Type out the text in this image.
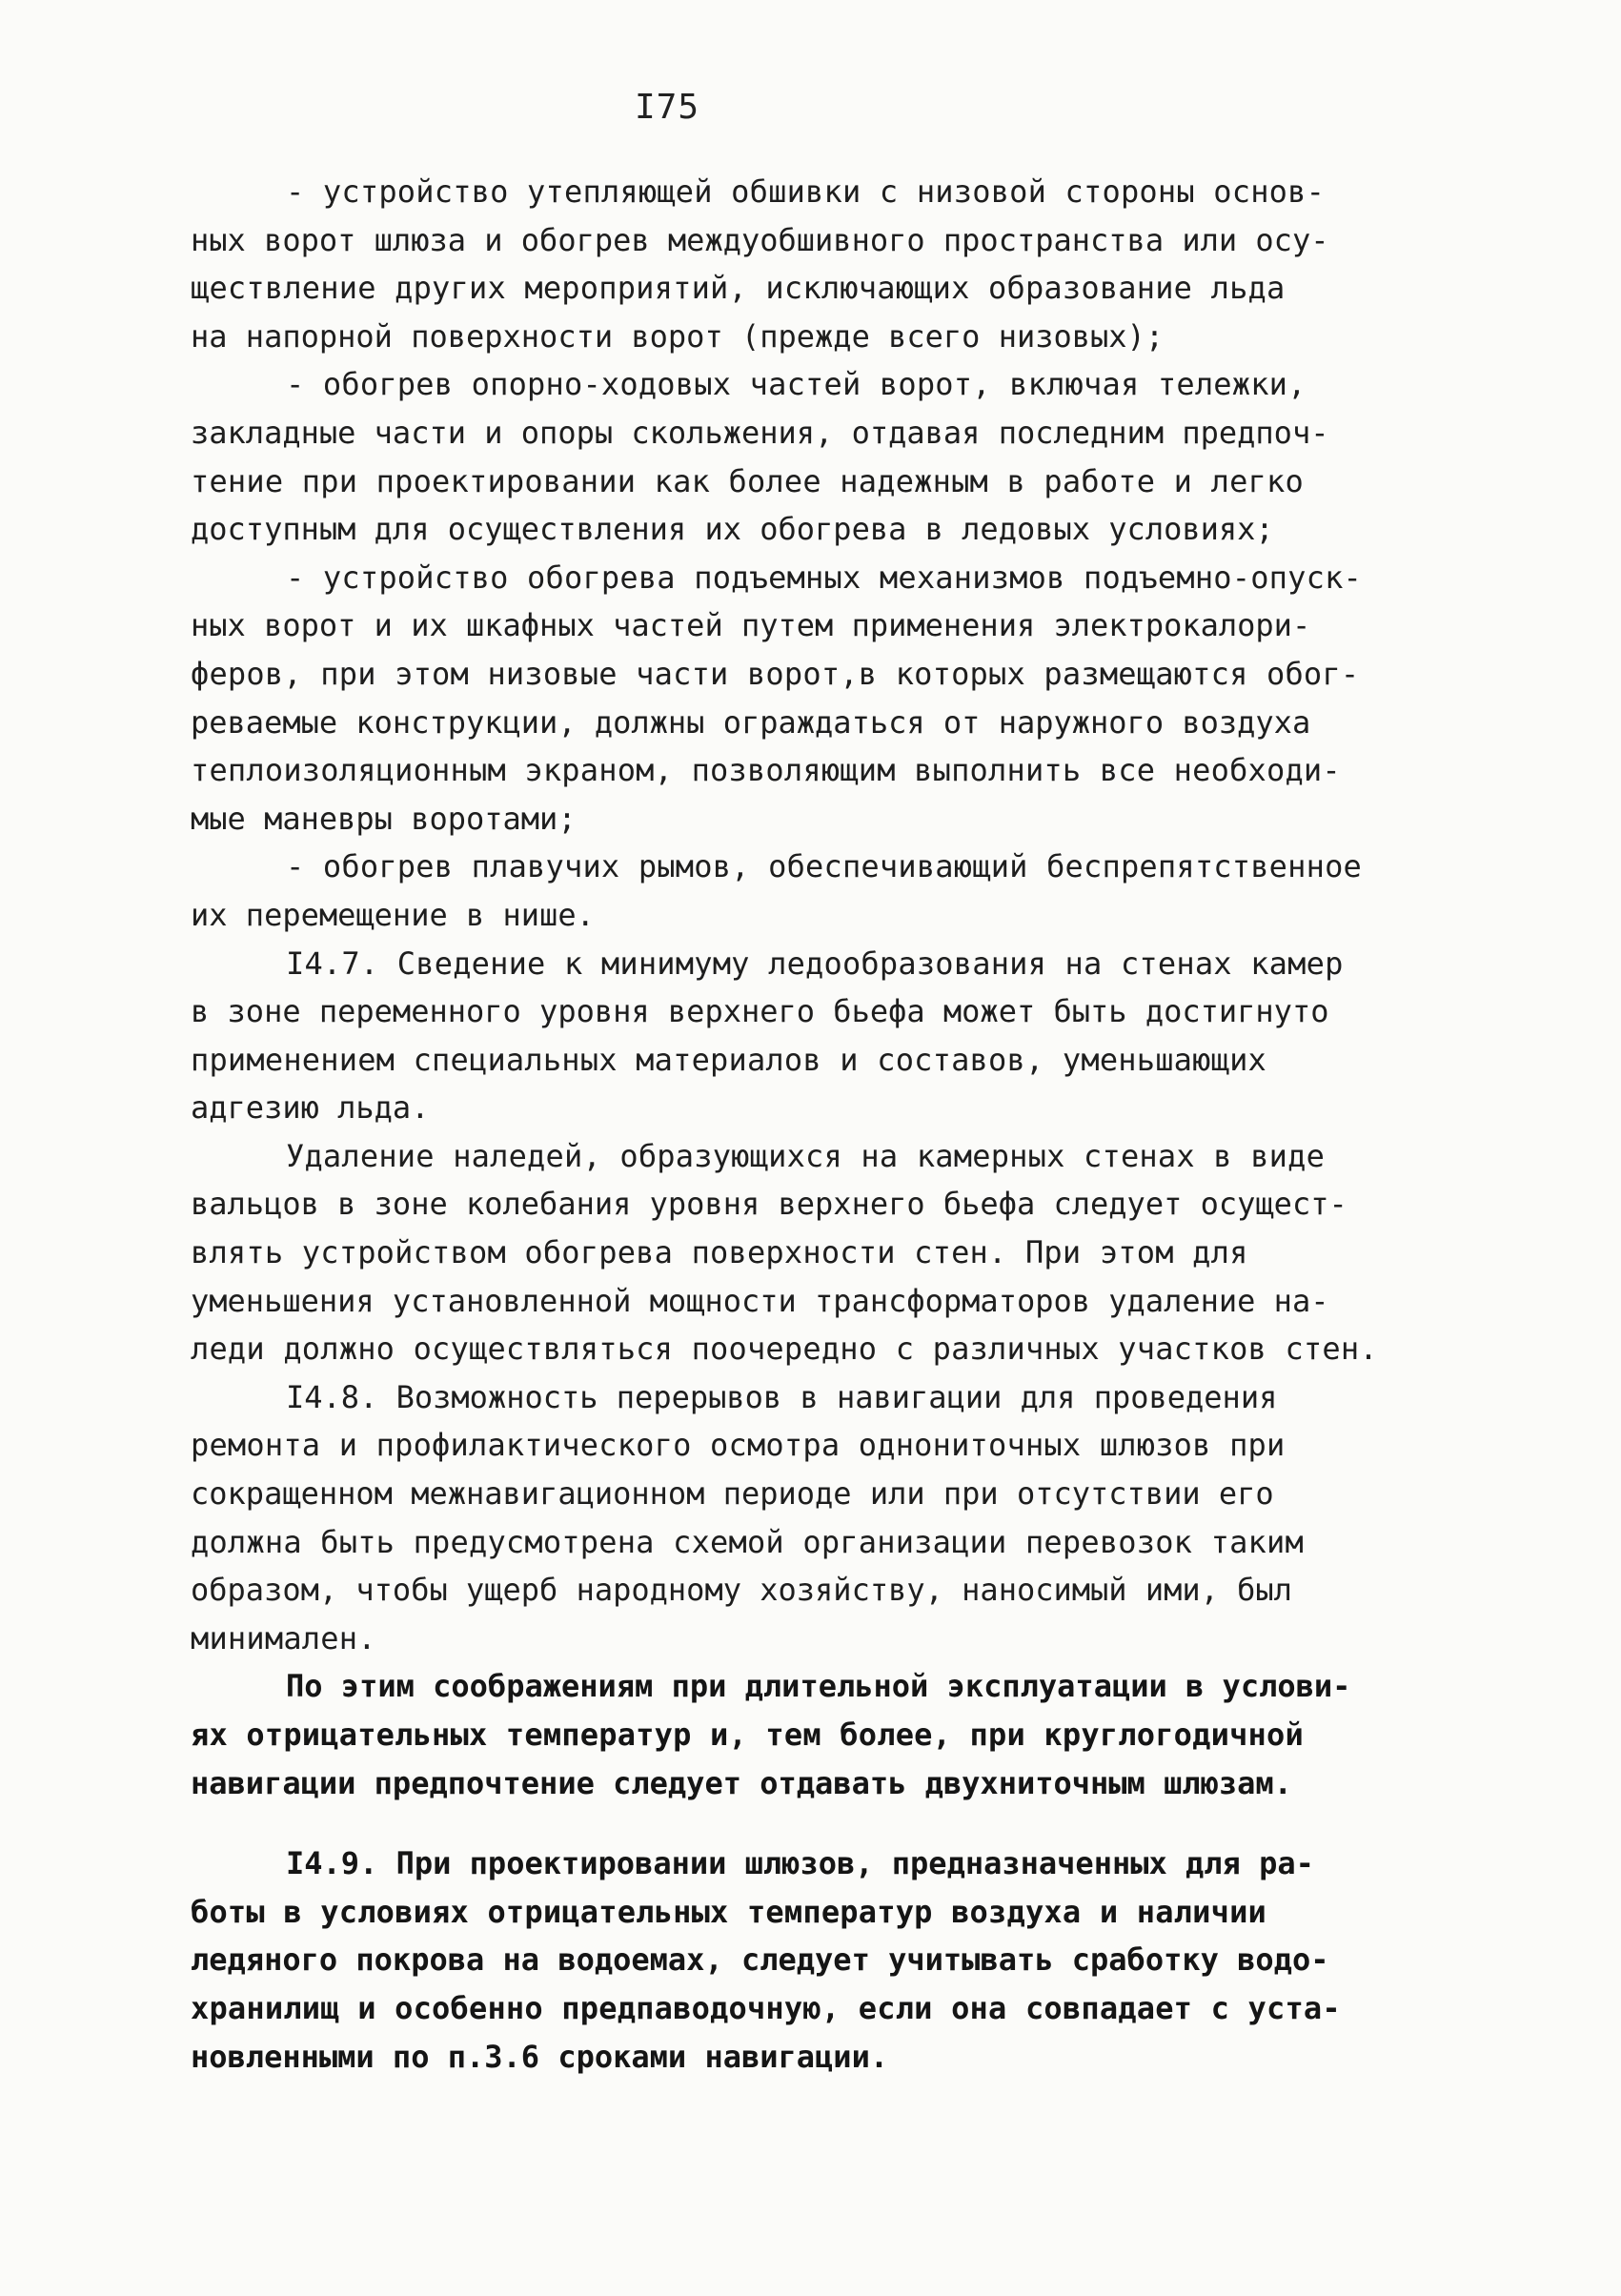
I75
- устройство утепляющей обшивки с низовой стороны основ-
ных ворот шлюза и обогрев междуобшивного пространства или осу-
ществление других мероприятий, исключающих образование льда
на напорной поверхности ворот (прежде всего низовых);
- обогрев опорно-ходовых частей ворот, включая тележки,
закладные части и опоры скольжения, отдавая последним предпоч-
тение при проектировании как более надежным в работе и легко
доступным для осуществления их обогрева в ледовых условиях;
- устройство обогрева подъемных механизмов подъемно-опуск-
ных ворот и их шкафных частей путем применения электрокалори-
феров, при этом низовые части ворот,в которых размещаются обог-
реваемые конструкции, должны ограждаться от наружного воздуха
теплоизоляционным экраном, позволяющим выполнить все необходи-
мые маневры воротами;
- обогрев плавучих рымов, обеспечивающий беспрепятственное
их перемещение в нише.
I4.7. Сведение к минимуму ледообразования на стенах камер
в зоне переменного уровня верхнего бьефа может быть достигнуто
применением специальных материалов и составов, уменьшающих
адгезию льда.
Удаление наледей, образующихся на камерных стенах в виде
вальцов в зоне колебания уровня верхнего бьефа следует осущест-
влять устройством обогрева поверхности стен. При этом для
уменьшения установленной мощности трансформаторов удаление на-
леди должно осуществляться поочередно с различных участков стен.
I4.8. Возможность перерывов в навигации для проведения
ремонта и профилактического осмотра однониточных шлюзов при
сокращенном межнавигационном периоде или при отсутствии его
должна быть предусмотрена схемой организации перевозок таким
образом, чтобы ущерб народному хозяйству, наносимый ими, был
минимален.
По этим соображениям при длительной эксплуатации в услови-
ях отрицательных температур и, тем более, при круглогодичной
навигации предпочтение следует отдавать двухниточным шлюзам.
I4.9. При проектировании шлюзов, предназначенных для ра-
боты в условиях отрицательных температур воздуха и наличии
ледяного покрова на водоемах, следует учитывать сработку водо-
хранилищ и особенно предпаводочную, если она совпадает с уста-
новленными по п.3.6 сроками навигации.
